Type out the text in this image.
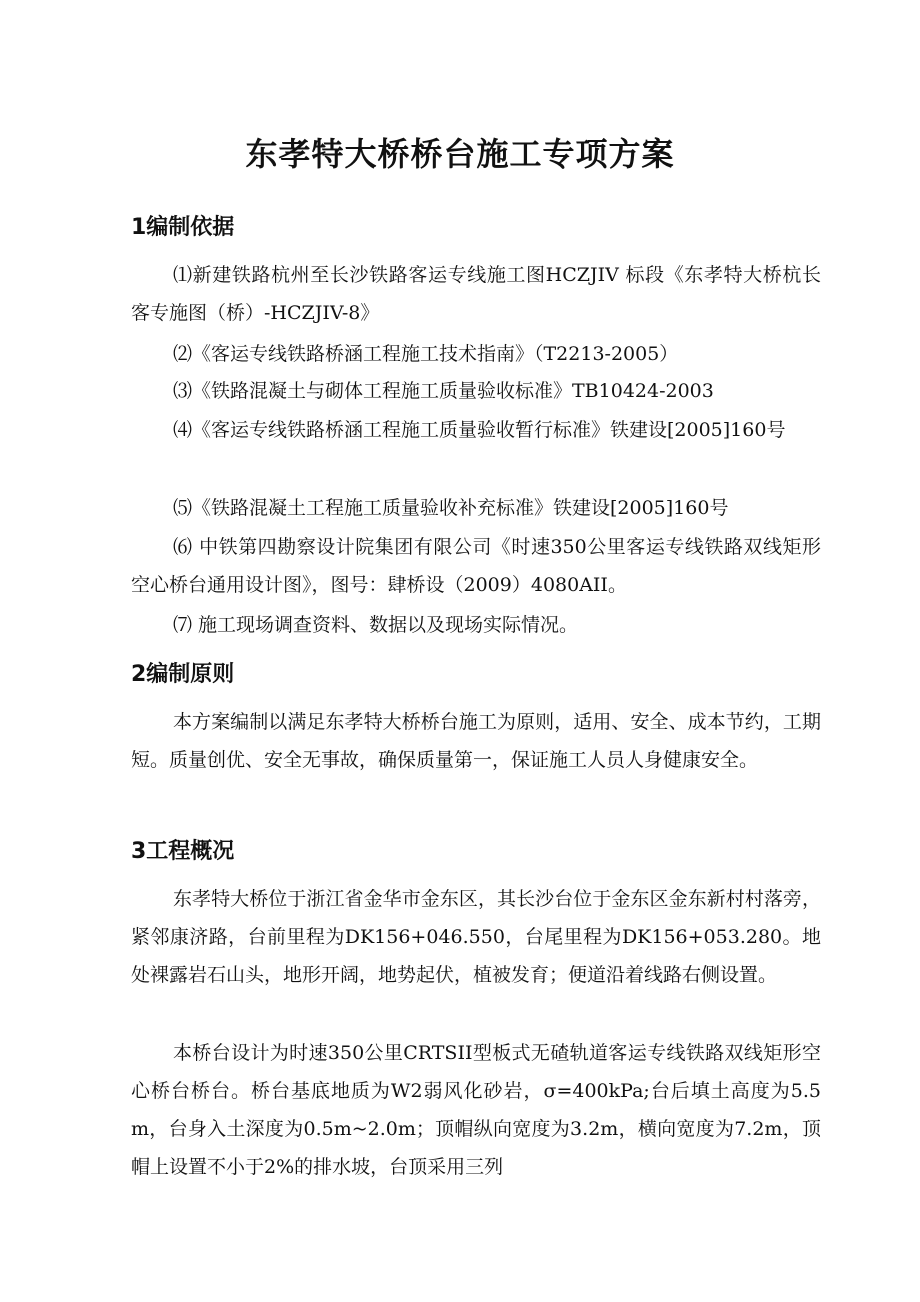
东孝特大桥桥台施工专项方案
1编制依据
⑴新建铁路杭州至长沙铁路客运专线施工图HCZJIV 标段《东孝特大桥杭长客专施图（桥）-HCZJIV-8》
⑵《客运专线铁路桥涵工程施工技术指南》（T2213-2005）
⑶《铁路混凝土与砌体工程施工质量验收标准》TB10424-2003
⑷《客运专线铁路桥涵工程施工质量验收暂行标准》铁建设[2005]160号
⑸《铁路混凝土工程施工质量验收补充标准》铁建设[2005]160号
⑹ 中铁第四勘察设计院集团有限公司《时速350公里客运专线铁路双线矩形空心桥台通用设计图》，图号：肆桥设（2009）4080AII。
⑺ 施工现场调查资料、数据以及现场实际情况。
2编制原则
本方案编制以满足东孝特大桥桥台施工为原则，适用、安全、成本节约，工期短。质量创优、安全无事故，确保质量第一，保证施工人员人身健康安全。
3工程概况
东孝特大桥位于浙江省金华市金东区，其长沙台位于金东区金东新村村落旁，紧邻康济路，台前里程为DK156+046.550，台尾里程为DK156+053.280。地处裸露岩石山头，地形开阔，地势起伏，植被发育；便道沿着线路右侧设置。
本桥台设计为时速350公里CRTSII型板式无碴轨道客运专线铁路双线矩形空心桥台桥台。桥台基底地质为W2弱风化砂岩，σ=400kPa;台后填土高度为5.5m，台身入土深度为0.5m~2.0m；顶帽纵向宽度为3.2m，横向宽度为7.2m，顶帽上设置不小于2%的排水坡，台顶采用三列
